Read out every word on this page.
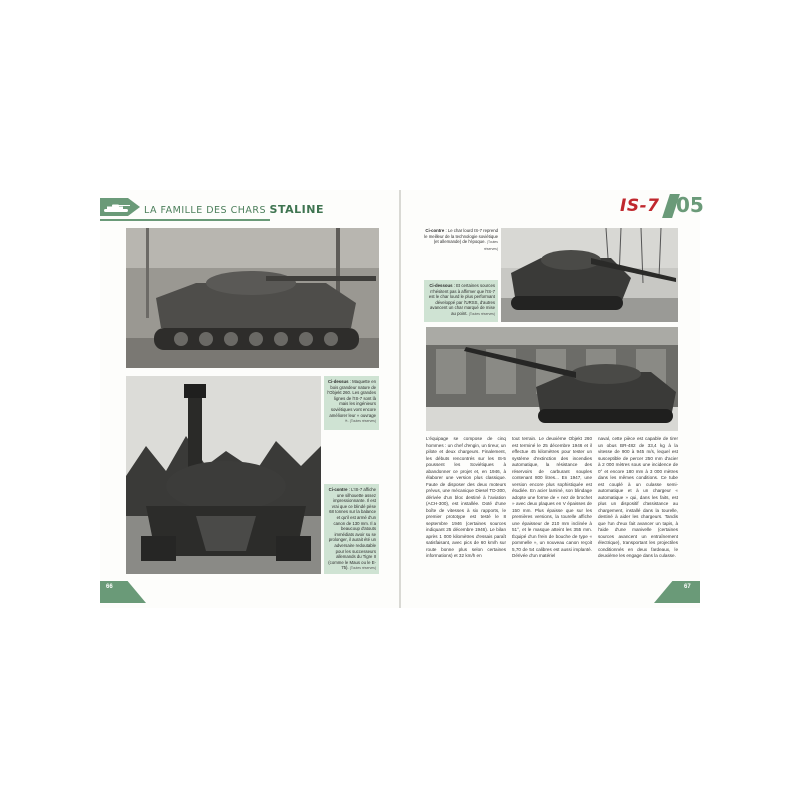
LA FAMILLE DES CHARS STALINE	IS-7 05
Ci-dessus : Maquette en bois grandeur nature de l'Objekt 260. Les grandes lignes de l'IS-7 sont là mais les ingénieurs soviétiques vont encore améliorer leur « ouvrage ». (Toutes réserves)
Ci-contre : L'IS-7 affiche une silhouette assez impressionnante. Il est vrai que ce blindé pèse 68 tonnes sur la balance et qu'il est armé d'un canon de 130 mm. Il a beaucoup d'atouts immédiats avoir su se prolonger, il aurait été un adversaire redoutable pour les successeurs allemands du Tigre II (comme le Maus ou le E-75). (Toutes réserves)
Ci-contre : Le char lourd IS-7 reprend le meilleur de la technologie soviétique (et allemande) de l'époque. (Toutes réserves)
Ci-dessous : Et certaines sources n'hésitent pas à affirmer que l'IS-7 est le char lourd le plus performant développé par l'URSS, d'autres avancent un char marqué de mise au point. (Toutes réserves)
L'équipage se compose de cinq hommes : un chef d'engin, un tireur, un pilote et deux chargeurs. Finalement, les débuts rencontrés sur les IS-5 poussent les Soviétiques à abandonner ce projet et, en 1946, à élaborer une version plus classique. Faute de disposer des deux moteurs prévus, une mécanique Diesel TD-300, dérivée d'un bloc destiné à l'aviation (ACH-300), est installée. Doté d'une boîte de vitesses à six rapports, le premier prototype est testé le 8 septembre 1946 (certaines sources indiquant 25 décembre 1946). Le bilan après 1 000 kilomètres d'essais paraît satisfaisant, avec pics de 60 km/h sur route bonne plus selon certaines informations) et 32 km/h en
tout terrain. Le deuxième Objekt 260 est terminé le 25 décembre 1946 et il effectue 45 kilomètres pour tester un système d'extinction des incendies automatique, la résistance des réservoirs de carburant souples contenant 800 litres... En 1947, une version encore plus sophistiquée est étudiée. En acier laminé, son blindage adopte une forme de « nez de brochet » avec deux plaques en V épaisses de 150 mm. Plus épaisse que sur les premières versions, la tourelle affiche une épaisseur de 210 mm inclinée à 51°, et le masque atteint les 355 mm. Équipé d'un frein de bouche de type « pommelle », un nouveau canon reçoit 5,70 de 54 calibres est aussi implanté. Dérivée d'un matériel
naval, cette pièce est capable de tirer un obus BR-482 de 33,4 kg à la vitesse de 900 à 945 m/s, lequel est susceptible de percer 250 mm d'acier à 2 000 mètres sous une incidence de 0° et encore 180 mm à 3 000 mètres dans les mêmes conditions. Ce tube est couplé à un culasse semi-automatique et à un chargeur « automatique » qui, dans les faits, est plus un dispositif d'assistance au chargement, installé dans la tourelle, destiné à aider les chargeurs. Tandis que l'un d'eux fait avancer un tapis, à l'aide d'une manivelle (certaines sources avancent un entraînement électrique), transportant les projectiles conditionnés en deux fardeaux, le deuxième les engage dans la culasse.
66	67
